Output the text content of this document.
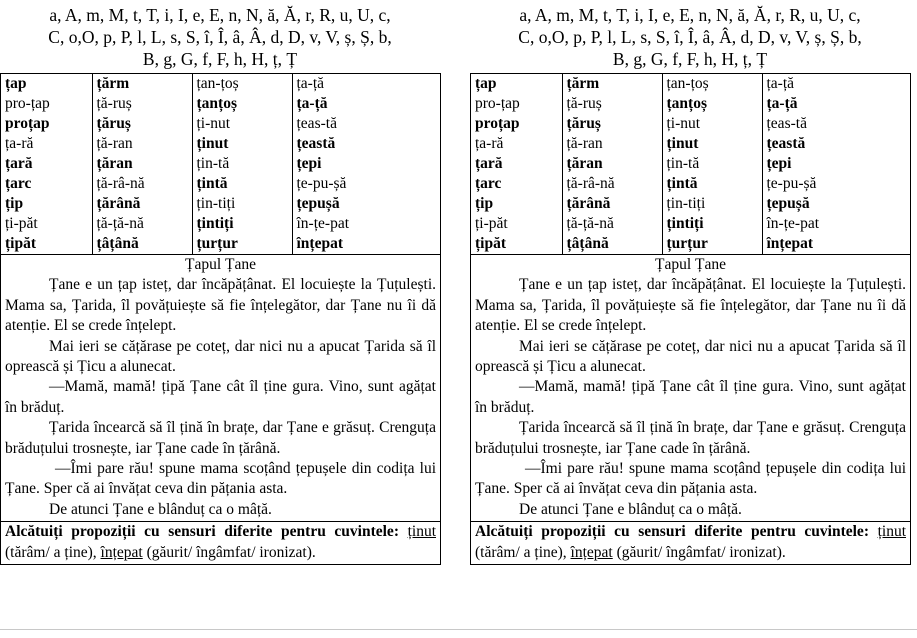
a, A, m, M, t, T, i, I, e, E, n, N, ă, Ă, r, R, u, U, c,
C, o,O, p, P, l, L, s, S, î, Î, â, Â, d, D, v, V, ș, Ș, b,
B, g, G, f, F, h, H, ț, Ț
țap	țărm	țan-țoș	ța-ță
pro-țap	ță-ruș	țanțoș	ța-ță
proțap	țăruș	ți-nut	țeas-tă
ța-ră	ță-ran	ținut	țeastă
țară	țăran	țin-tă	țepi
țarc	ță-râ-nă	țintă	țe-pu-șă
țip	țărână	țin-tiți	țepușă
ți-păt	ță-ță-nă	țintiți	în-țe-pat
țipăt	țâțână	țurțur	înțepat
Țapul Țane

Țane e un țap isteț, dar încăpățânat. El locuiește la Țuțulești. Mama sa, Țarida, îl povățuiește să fie înțelegător, dar Țane nu îi dă atenție. El se crede înțelept.

Mai ieri se cățărase pe coteț, dar nici nu a apucat Țarida să îl oprească și Țicu a alunecat.

—Mamă, mamă! țipă Țane cât îl ține gura. Vino, sunt agățat în brăduț.

Țarida încearcă să îl țină în brațe, dar Țane e grăsuț. Crenguța brăduțului trosnește, iar Țane cade în țărână.

—Îmi pare rău! spune mama scoțând țepușele din codița lui Țane. Sper că ai învățat ceva din pățania asta.

De atunci Țane e blânduț ca o mâță.

Alcătuiți propoziții cu sensuri diferite pentru cuvintele: ținut (tărâm/ a ține), înțepat (găurit/ îngâmfat/ ironizat).
a, A, m, M, t, T, i, I, e, E, n, N, ă, Ă, r, R, u, U, c,
C, o,O, p, P, l, L, s, S, î, Î, â, Â, d, D, v, V, ș, Ș, b,
B, g, G, f, F, h, H, ț, Ț
țap	țărm	țan-țoș	ța-ță
pro-țap	ță-ruș	țanțoș	ța-ță
proțap	țăruș	ți-nut	țeas-tă
ța-ră	ță-ran	ținut	țeastă
țară	țăran	țin-tă	țepi
țarc	ță-râ-nă	țintă	țe-pu-șă
țip	țărână	țin-tiți	țepușă
ți-păt	ță-ță-nă	țintiți	în-țe-pat
țipăt	țâțână	țurțur	înțepat
Țapul Țane

Țane e un țap isteț, dar încăpățânat. El locuiește la Țuțulești. Mama sa, Țarida, îl povățuiește să fie înțelegător, dar Țane nu îi dă atenție. El se crede înțelept.

Mai ieri se cățărase pe coteț, dar nici nu a apucat Țarida să îl oprească și Țicu a alunecat.

—Mamă, mamă! țipă Țane cât îl ține gura. Vino, sunt agățat în brăduț.

Țarida încearcă să îl țină în brațe, dar Țane e grăsuț. Crenguța brăduțului trosnește, iar Țane cade în țărână.

—Îmi pare rău! spune mama scoțând țepușele din codița lui Țane. Sper că ai învățat ceva din pățania asta.

De atunci Țane e blânduț ca o mâță.

Alcătuiți propoziții cu sensuri diferite pentru cuvintele: ținut (tărâm/ a ține), înțepat (găurit/ îngâmfat/ ironizat).
